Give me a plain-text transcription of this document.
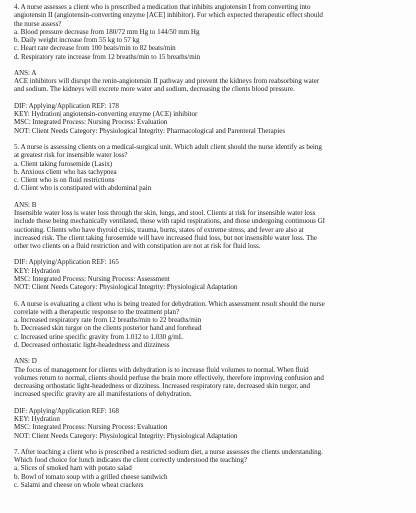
4. A nurse assesses a client who is prescribed a medication that inhibits angiotensin I from converting into
angiotensin II (angiotensin-converting enzyme [ACE] inhibitor). For which expected therapeutic effect should
the nurse assess?

a. Blood pressure decrease from 180/72 mm Hg to 144/50 mm Hg

b. Daily weight increase from 55 kg to 57 kg

c. Heart rate decrease from 100 beats/min to 82 beats/min

d. Respiratory rate increase from 12 breaths/min to 15 breaths/min

ANS: A

ACE inhibitors will disrupt the renin-angiotensin II pathway and prevent the kidneys from reabsorbing water
and sodium. The kidneys will excrete more water and sodium, decreasing the clients blood pressure.

DIF: Applying/Application REF: 178

KEY: Hydration| angiotensin-converting enzyme (ACE) inhibitor

MSC: Integrated Process: Nursing Process: Evaluation

NOT: Client Needs Category: Physiological Integrity: Pharmacological and Parenteral Therapies

5. A nurse is assessing clients on a medical-surgical unit. Which adult client should the nurse identify as being
at greatest risk for insensible water loss?

a. Client taking furosemide (Lasix)

b. Anxious client who has tachypnea

c. Client who is on fluid restrictions

d. Client who is constipated with abdominal pain

ANS: B

Insensible water loss is water loss through the skin, lungs, and stool. Clients at risk for insensible water loss
include those being mechanically ventilated, those with rapid respirations, and those undergoing continuous GI
suctioning. Clients who have thyroid crisis, trauma, burns, states of extreme stress, and fever are also at
increased risk. The client taking furosemide will have increased fluid loss, but not insensible water loss. The
other two clients on a fluid restriction and with constipation are not at risk for fluid loss.

DIF: Applying/Application REF: 165

KEY: Hydration

MSC: Integrated Process: Nursing Process: Assessment

NOT: Client Needs Category: Physiological Integrity: Physiological Adaptation

6. A nurse is evaluating a client who is being treated for dehydration. Which assessment result should the nurse
correlate with a therapeutic response to the treatment plan?

a. Increased respiratory rate from 12 breaths/min to 22 breaths/min

b. Decreased skin turgor on the clients posterior hand and forehead

c. Increased urine specific gravity from 1.012 to 1.030 g/mL

d. Decreased orthostatic light-headedness and dizziness

ANS: D

The focus of management for clients with dehydration is to increase fluid volumes to normal. When fluid
volumes return to normal, clients should perfuse the brain more effectively, therefore improving confusion and
decreasing orthostatic light-headedness or dizziness. Increased respiratory rate, decreased skin turgor, and
increased specific gravity are all manifestations of dehydration.

DIF: Applying/Application REF: 168

KEY: Hydration

MSC: Integrated Process: Nursing Process: Evaluation

NOT: Client Needs Category: Physiological Integrity: Physiological Adaptation

7. After teaching a client who is prescribed a restricted sodium diet, a nurse assesses the clients understanding.
Which food choice for lunch indicates the client correctly understood the teaching?

a. Slices of smoked ham with potato salad

b. Bowl of tomato soup with a grilled cheese sandwich

c. Salami and cheese on whole wheat crackers
